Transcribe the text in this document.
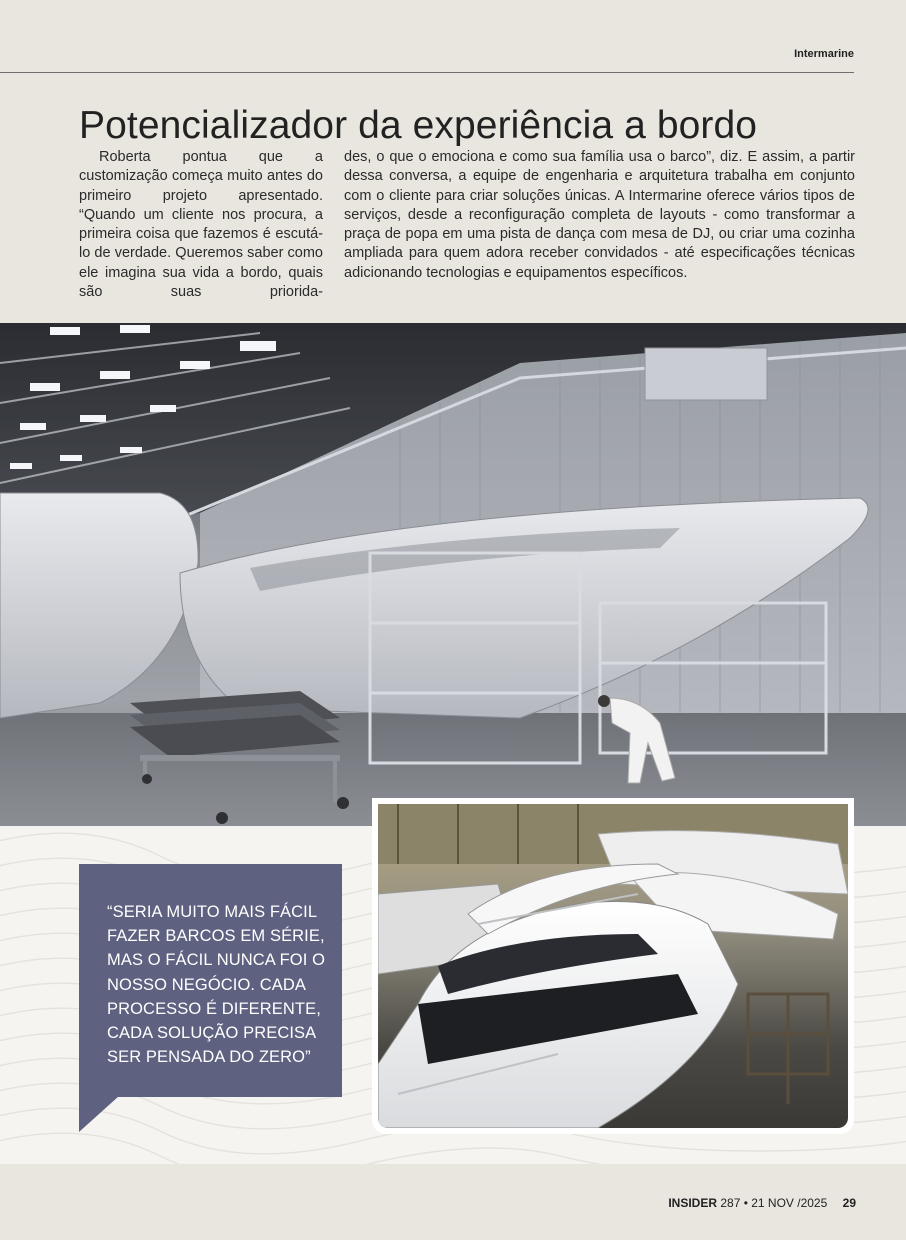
Intermarine
Potencializador da experiência a bordo

Roberta pontua que a customização começa muito antes do primeiro projeto apresentado. “Quando um cliente nos procura, a primeira coisa que fazemos é escutá-lo de verdade. Queremos saber como ele imagina sua vida a bordo, quais são suas priorida-

des, o que o emociona e como sua família usa o barco”, diz. E assim, a partir dessa conversa, a equipe de engenharia e arquitetura trabalha em conjunto com o cliente para criar soluções únicas. A Intermarine oferece vários tipos de serviços, desde a reconfiguração completa de layouts - como transformar a praça de popa em uma pista de dança com mesa de DJ, ou criar uma cozinha ampliada para quem adora receber convidados - até especificações técnicas adicionando tecnologias e equipamentos específicos.

“SERIA MUITO MAIS FÁCIL FAZER BARCOS EM SÉRIE, MAS O FÁCIL NUNCA FOI O NOSSO NEGÓCIO. CADA PROCESSO É DIFERENTE, CADA SOLUÇÃO PRECISA SER PENSADA DO ZERO”
INSIDER 287 • 21 NOV /2025 29
